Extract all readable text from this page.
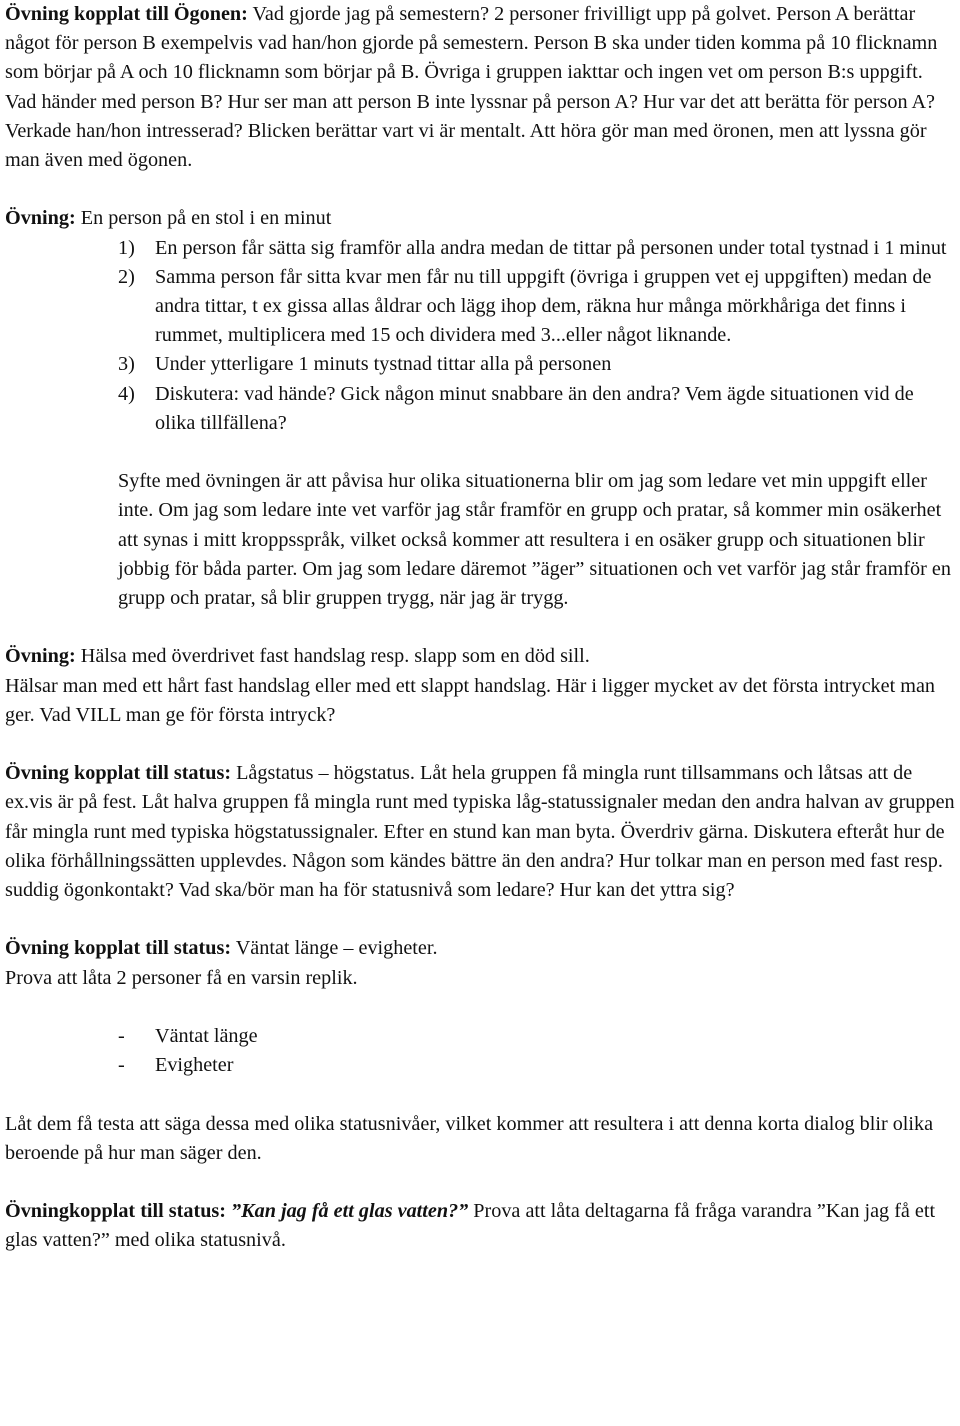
Övning kopplat till Ögonen: Vad gjorde jag på semestern? 2 personer frivilligt upp på golvet. Person A berättar något för person B exempelvis vad han/hon gjorde på semestern. Person B ska under tiden komma på 10 flicknamn som börjar på A och 10 flicknamn som börjar på B. Övriga i gruppen iakttar och ingen vet om person B:s uppgift. Vad händer med person B? Hur ser man att person B inte lyssnar på person A? Hur var det att berätta för person A? Verkade han/hon intresserad? Blicken berättar vart vi är mentalt. Att höra gör man med öronen, men att lyssna gör man även med ögonen.

Övning: En person på en stol i en minut

1) En person får sätta sig framför alla andra medan de tittar på personen under total tystnad i 1 minut
2) Samma person får sitta kvar men får nu till uppgift (övriga i gruppen vet ej uppgiften) medan de andra tittar, t ex gissa allas åldrar och lägg ihop dem, räkna hur många mörkhåriga det finns i rummet, multiplicera med 15 och dividera med 3...eller något liknande.
3) Under ytterligare 1 minuts tystnad tittar alla på personen
4) Diskutera: vad hände? Gick någon minut snabbare än den andra? Vem ägde situationen vid de olika tillfällena?

Syfte med övningen är att påvisa hur olika situationerna blir om jag som ledare vet min uppgift eller inte. Om jag som ledare inte vet varför jag står framför en grupp och pratar, så kommer min osäkerhet att synas i mitt kroppsspråk, vilket också kommer att resultera i en osäker grupp och situationen blir jobbig för båda parter. Om jag som ledare däremot ”äger” situationen och vet varför jag står framför en grupp och pratar, så blir gruppen trygg, när jag är trygg.

Övning: Hälsa med överdrivet fast handslag resp. slapp som en död sill.

Hälsar man med ett hårt fast handslag eller med ett slappt handslag. Här i ligger mycket av det första intrycket man ger. Vad VILL man ge för första intryck?

Övning kopplat till status: Lågstatus – högstatus. Låt hela gruppen få mingla runt tillsammans och låtsas att de ex.vis är på fest. Låt halva gruppen få mingla runt med typiska låg-statussignaler medan den andra halvan av gruppen får mingla runt med typiska högstatussignaler. Efter en stund kan man byta. Överdriv gärna. Diskutera efteråt hur de olika förhållningssätten upplevdes. Någon som kändes bättre än den andra? Hur tolkar man en person med fast resp. suddig ögonkontakt? Vad ska/bör man ha för statusnivå som ledare? Hur kan det yttra sig?

Övning kopplat till status: Väntat länge – evigheter.

Prova att låta 2 personer få en varsin replik.

- Väntat länge
- Evigheter

Låt dem få testa att säga dessa med olika statusnivåer, vilket kommer att resultera i att denna korta dialog blir olika beroende på hur man säger den.

Övningkopplat till status: ”Kan jag få ett glas vatten?” Prova att låta deltagarna få fråga varandra ”Kan jag få ett glas vatten?” med olika statusnivå.
